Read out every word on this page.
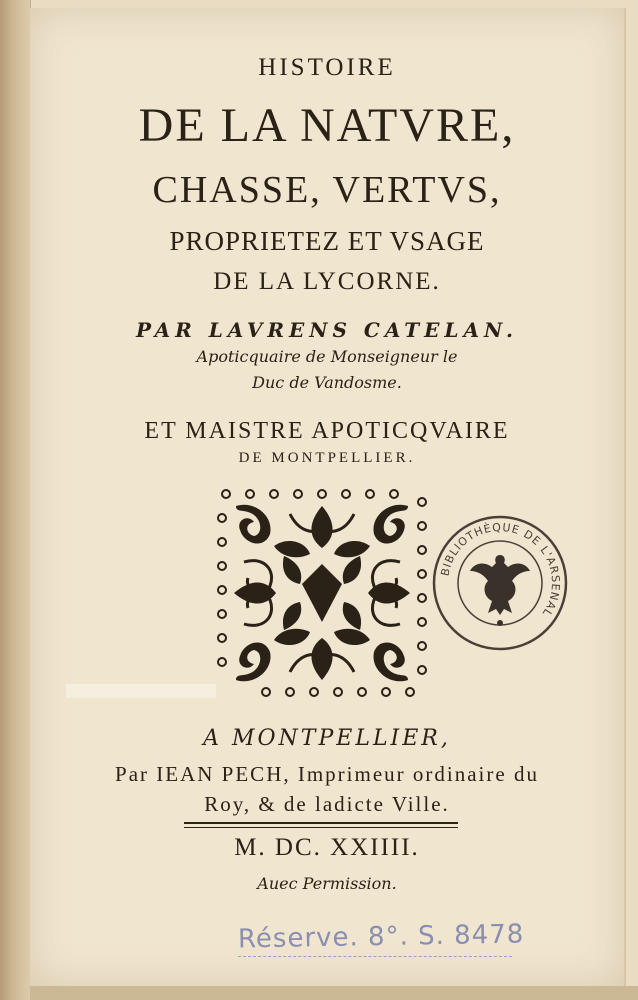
HISTOIRE
DE LA NATVRE,
CHASSE, VERTVS,
PROPRIETEZ ET VSAGE
DE LA LYCORNE.
PAR LAVRENS CATELAN.
Apoticquaire de Monseigneur le
Duc de Vandosme.
ET MAISTRE APOTICQVAIRE
DE MONTPELLIER.
BIBLIOTHÈQUE DE L'ARSENAL
A MONTPELLIER,
Par IEAN PECH, Imprimeur ordinaire du
Roy, & de ladicte Ville.
M. DC. XXIIII.
Auec Permission.
Réserve. 8°. S. 8478
